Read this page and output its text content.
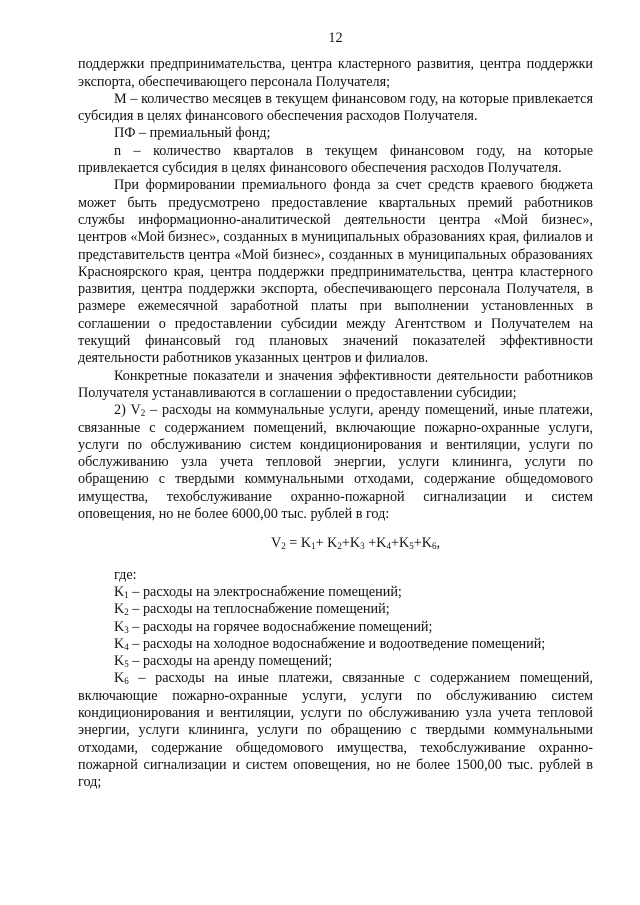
12

поддержки предпринимательства, центра кластерного развития, центра поддержки экспорта, обеспечивающего персонала Получателя;

M – количество месяцев в текущем финансовом году, на которые привлекается субсидия в целях финансового обеспечения расходов Получателя.

ПФ – премиальный фонд;

n – количество кварталов в текущем финансовом году, на которые привлекается субсидия в целях финансового обеспечения расходов Получателя.

При формировании премиального фонда за счет средств краевого бюджета может быть предусмотрено предоставление квартальных премий работников службы информационно-аналитической деятельности центра «Мой бизнес», центров «Мой бизнес», созданных в муниципальных образованиях края, филиалов и представительств центра «Мой бизнес», созданных в муниципальных образованиях Красноярского края, центра поддержки предпринимательства, центра кластерного развития, центра поддержки экспорта, обеспечивающего персонала Получателя, в размере ежемесячной заработной платы при выполнении установленных в соглашении о предоставлении субсидии между Агентством и Получателем на текущий финансовый год плановых значений показателей эффективности деятельности работников указанных центров и филиалов.

Конкретные показатели и значения эффективности деятельности работников Получателя устанавливаются в соглашении о предоставлении субсидии;

2) $V_2$ – расходы на коммунальные услуги, аренду помещений, иные платежи, связанные с содержанием помещений, включающие пожарно-охранные услуги, услуги по обслуживанию систем кондиционирования и вентиляции, услуги по обслуживанию узла учета тепловой энергии, услуги клининга, услуги по обращению с твердыми коммунальными отходами, содержание общедомового имущества, техобслуживание охранно-пожарной сигнализации и систем оповещения, но не более 6000,00 тыс. рублей в год:

$V_2 = K_1+ K_2+K_3 +K_4+K_5+K_6$,

где:

$K_1$ – расходы на электроснабжение помещений;

$K_2$ – расходы на теплоснабжение помещений;

$K_3$ – расходы на горячее водоснабжение помещений;

$K_4$ – расходы на холодное водоснабжение и водоотведение помещений;

$K_5$ – расходы на аренду помещений;

$K_6$ – расходы на иные платежи, связанные с содержанием помещений, включающие пожарно-охранные услуги, услуги по обслуживанию систем кондиционирования и вентиляции, услуги по обслуживанию узла учета тепловой энергии, услуги клининга, услуги по обращению с твердыми коммунальными отходами, содержание общедомового имущества, техобслуживание охранно-пожарной сигнализации и систем оповещения, но не более 1500,00 тыс. рублей в год;
